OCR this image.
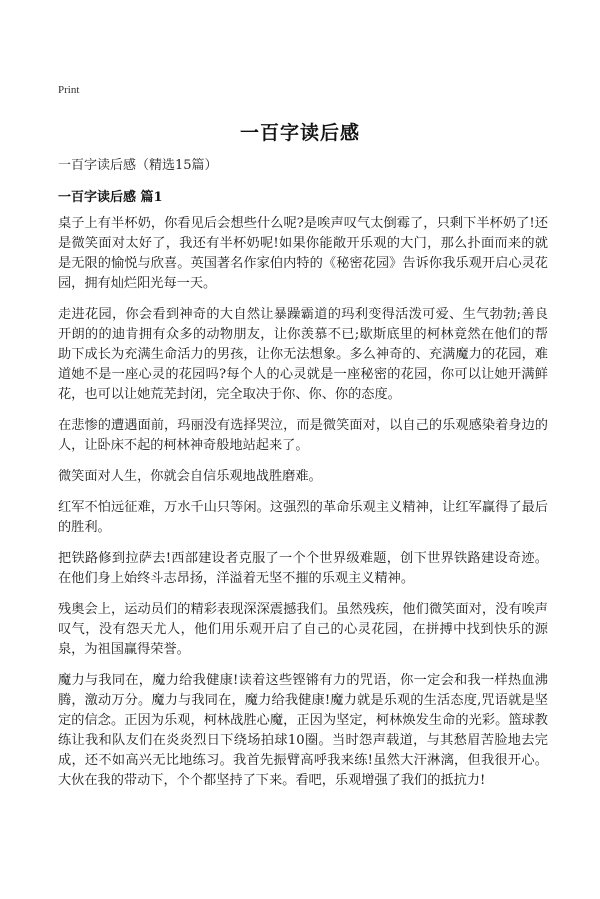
Print
一百字读后感
一百字读后感（精选15篇）
一百字读后感 篇1

桌子上有半杯奶，你看见后会想些什么呢?是唉声叹气太倒霉了，只剩下半杯奶了!还是微笑面对太好了，我还有半杯奶呢!如果你能敞开乐观的大门，那么扑面而来的就是无限的愉悦与欣喜。英国著名作家伯内特的《秘密花园》告诉你我乐观开启心灵花园，拥有灿烂阳光每一天。

走进花园，你会看到神奇的大自然让暴躁霸道的玛利变得活泼可爱、生气勃勃;善良开朗的的迪肯拥有众多的动物朋友，让你羡慕不已;歇斯底里的柯林竟然在他们的帮助下成长为充满生命活力的男孩，让你无法想象。多么神奇的、充满魔力的花园，难道她不是一座心灵的花园吗?每个人的心灵就是一座秘密的花园，你可以让她开满鲜花，也可以让她荒芜封闭，完全取决于你、你、你的态度。

在悲惨的遭遇面前，玛丽没有选择哭泣，而是微笑面对，以自己的乐观感染着身边的人，让卧床不起的柯林神奇般地站起来了。

微笑面对人生，你就会自信乐观地战胜磨难。

红军不怕远征难，万水千山只等闲。这强烈的革命乐观主义精神，让红军赢得了最后的胜利。

把铁路修到拉萨去!西部建设者克服了一个个世界级难题，创下世界铁路建设奇迹。在他们身上始终斗志昂扬，洋溢着无坚不摧的乐观主义精神。

残奥会上，运动员们的精彩表现深深震撼我们。虽然残疾，他们微笑面对，没有唉声叹气，没有怨天尤人，他们用乐观开启了自己的心灵花园，在拼搏中找到快乐的源泉，为祖国赢得荣誉。

魔力与我同在，魔力给我健康!读着这些铿锵有力的咒语，你一定会和我一样热血沸腾，激动万分。魔力与我同在，魔力给我健康!魔力就是乐观的生活态度,咒语就是坚定的信念。正因为乐观，柯林战胜心魔，正因为坚定，柯林焕发生命的光彩。篮球教练让我和队友们在炎炎烈日下绕场拍球10圈。当时怨声载道，与其愁眉苦脸地去完成，还不如高兴无比地练习。我首先振臂高呼我来练!虽然大汗淋漓，但我很开心。大伙在我的带动下，个个都坚持了下来。看吧，乐观增强了我们的抵抗力!
